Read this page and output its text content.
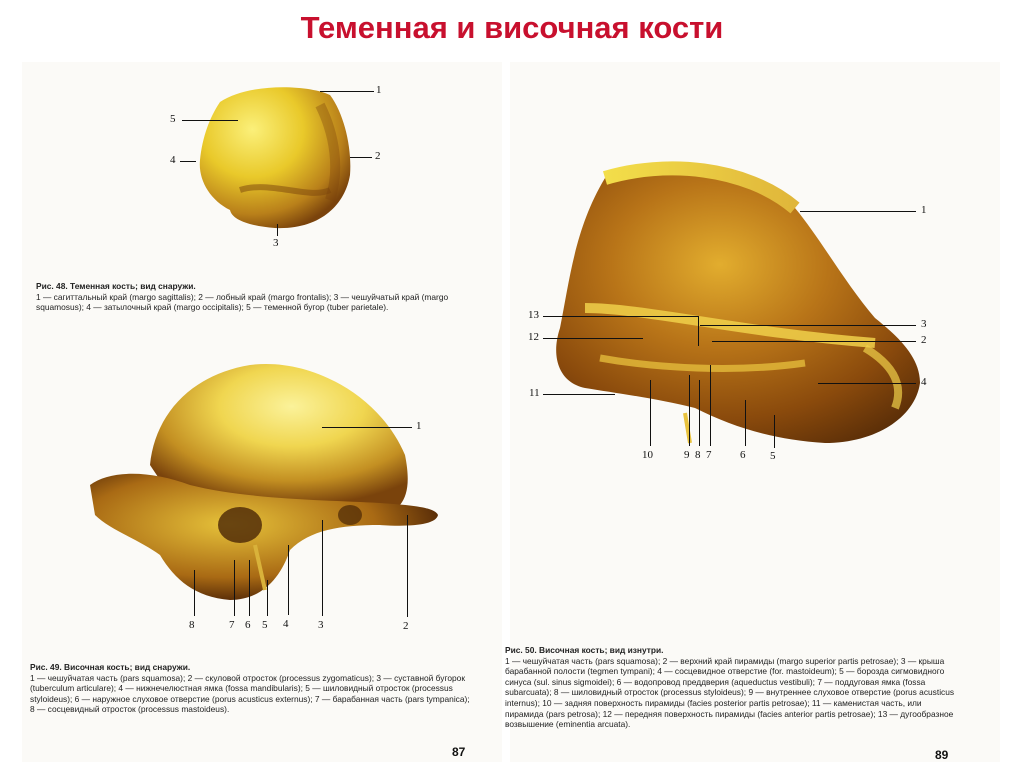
Теменная и височная кости
1
2
3
4
5
Рис. 48. Теменная кость; вид снаружи.
1 — сагиттальный край (margo sagittalis); 2 — лобный край (margo frontalis); 3 — чешуйчатый край (margo squamosus); 4 — затылочный край (margo occipitalis); 5 — теменной бугор (tuber parietale).
1
2
3
4
5
6
7
8
Рис. 49. Височная кость; вид снаружи.
1 — чешуйчатая часть (pars squamosa); 2 — скуловой отросток (processus zygomaticus); 3 — суставной бугорок (tuberculum articulare); 4 — нижнечелюстная ямка (fossa mandibularis); 5 — шиловидный отросток (processus styloideus); 6 — наружное слуховое отверстие (porus acusticus externus); 7 — барабанная часть (pars tympanica); 8 — сосцевидный отросток (processus mastoideus).
87
1
2
3
4
5
6
7
8
9
10
11
12
13
Рис. 50. Височная кость; вид изнутри.
1 — чешуйчатая часть (pars squamosa); 2 — верхний край пирамиды (margo superior partis petrosae); 3 — крыша барабанной полости (tegmen tympani); 4 — сосцевидное отверстие (for. mastoideum); 5 — борозда сигмовидного синуса (sul. sinus sigmoidei); 6 — водопровод преддверия (aqueductus vestibuli); 7 — поддуговая ямка (fossa subarcuata); 8 — шиловидный отросток (processus styloideus); 9 — внутреннее слуховое отверстие (porus acusticus internus); 10 — задняя поверхность пирамиды (facies posterior partis petrosae); 11 — каменистая часть, или пирамида (pars petrosa); 12 — передняя поверхность пирамиды (facies anterior partis petrosae); 13 — дугообразное возвышение (eminentia arcuata).
89
